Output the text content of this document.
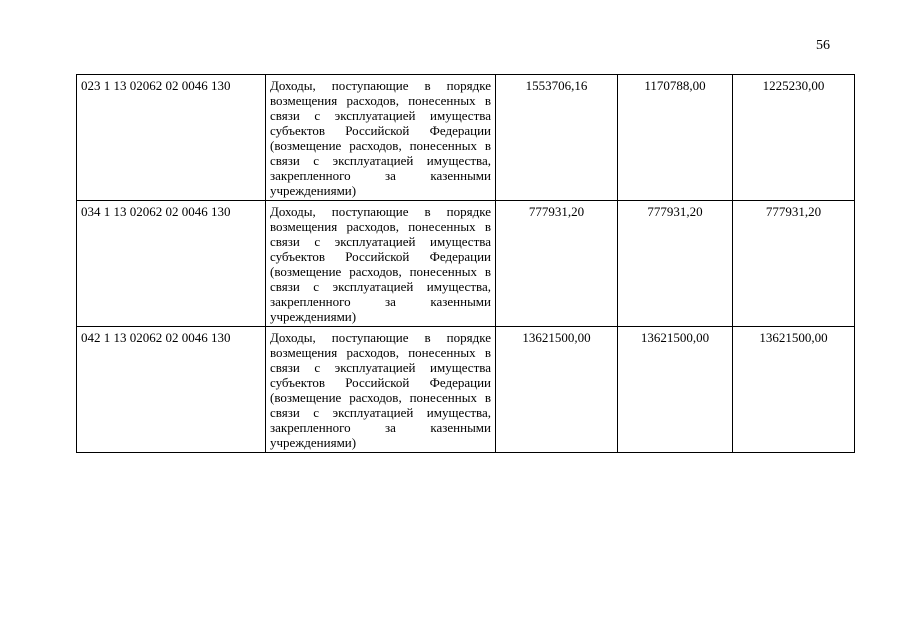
56
023 1 13 02062 02 0046 130	Доходы, поступающие в порядке возмещения расходов, понесенных в связи с эксплуатацией имущества субъектов Российской Федерации (возмещение расходов, понесенных в связи с эксплуатацией имущества, закрепленного за казенными учреждениями)	1553706,16	1170788,00	1225230,00
034 1 13 02062 02 0046 130	Доходы, поступающие в порядке возмещения расходов, понесенных в связи с эксплуатацией имущества субъектов Российской Федерации (возмещение расходов, понесенных в связи с эксплуатацией имущества, закрепленного за казенными учреждениями)	777931,20	777931,20	777931,20
042 1 13 02062 02 0046 130	Доходы, поступающие в порядке возмещения расходов, понесенных в связи с эксплуатацией имущества субъектов Российской Федерации (возмещение расходов, понесенных в связи с эксплуатацией имущества, закрепленного за казенными учреждениями)	13621500,00	13621500,00	13621500,00
